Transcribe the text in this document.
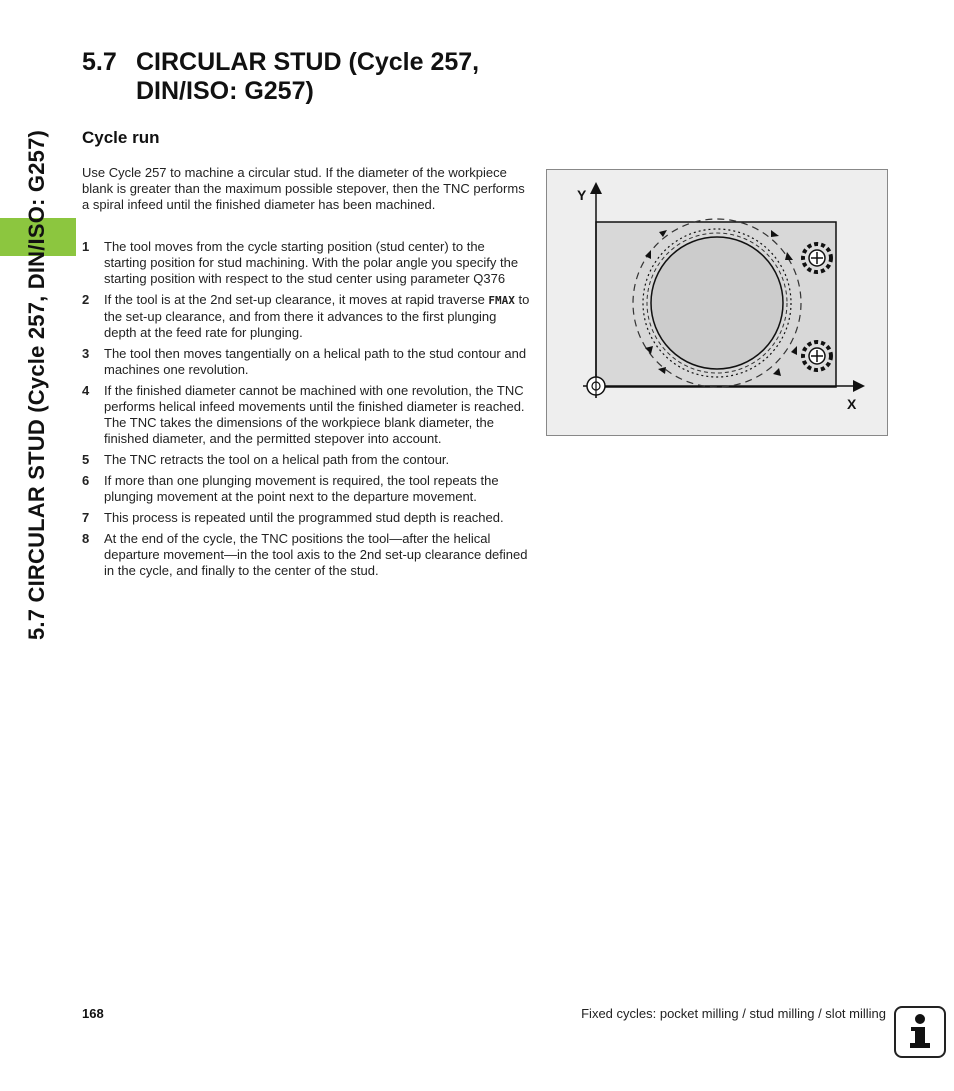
5.7 CIRCULAR STUD (Cycle 257, DIN/ISO: G257)
5.7 CIRCULAR STUD (Cycle 257,
DIN/ISO: G257)
Cycle run
Use Cycle 257 to machine a circular stud. If the diameter of the workpiece blank is greater than the maximum possible stepover, then the TNC performs a spiral infeed until the finished diameter has been machined.
1	The tool moves from the cycle starting position (stud center) to the starting position for stud machining. With the polar angle you specify the starting position with respect to the stud center using parameter Q376
2	If the tool is at the 2nd set-up clearance, it moves at rapid traverse FMAX to the set-up clearance, and from there it advances to the first plunging depth at the feed rate for plunging.
3	The tool then moves tangentially on a helical path to the stud contour and machines one revolution.
4	If the finished diameter cannot be machined with one revolution, the TNC performs helical infeed movements until the finished diameter is reached. The TNC takes the dimensions of the workpiece blank diameter, the finished diameter, and the permitted stepover into account.
5	The TNC retracts the tool on a helical path from the contour.
6	If more than one plunging movement is required, the tool repeats the plunging movement at the point next to the departure movement.
7	This process is repeated until the programmed stud depth is reached.
8	At the end of the cycle, the TNC positions the tool—after the helical departure movement—in the tool axis to the 2nd set-up clearance defined in the cycle, and finally to the center of the stud.
Y
X
168	Fixed cycles: pocket milling / stud milling / slot milling
